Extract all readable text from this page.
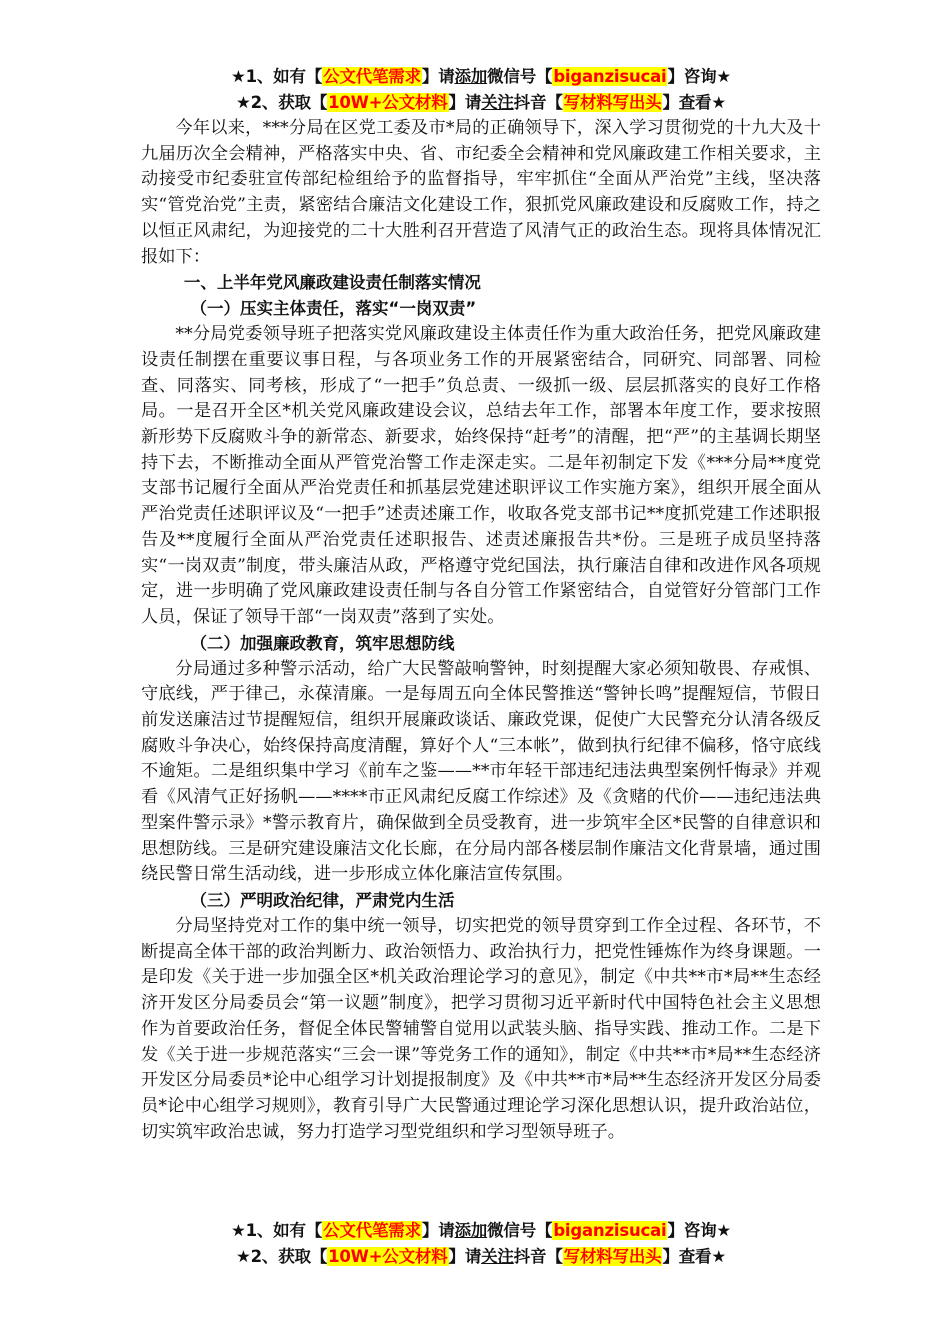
★1、如有【公文代笔需求】请添加微信号【biganzisucai】咨询★
★2、获取【10W+公文材料】请关注抖音【写材料写出头】查看★

今年以来，***分局在区党工委及市*局的正确领导下，深入学习贯彻党的十九大及十九届历次全会精神，严格落实中央、省、市纪委全会精神和党风廉政建工作相关要求，主动接受市纪委驻宣传部纪检组给予的监督指导，牢牢抓住“全面从严治党”主线，坚决落实“管党治党”主责，紧密结合廉洁文化建设工作，狠抓党风廉政建设和反腐败工作，持之以恒正风肃纪，为迎接党的二十大胜利召开营造了风清气正的政治生态。现将具体情况汇报如下：

一、上半年党风廉政建设责任制落实情况

（一）压实主体责任，落实“一岗双责”

**分局党委领导班子把落实党风廉政建设主体责任作为重大政治任务，把党风廉政建设责任制摆在重要议事日程，与各项业务工作的开展紧密结合，同研究、同部署、同检查、同落实、同考核，形成了“一把手”负总责、一级抓一级、层层抓落实的良好工作格局。一是召开全区*机关党风廉政建设会议，总结去年工作，部署本年度工作，要求按照新形势下反腐败斗争的新常态、新要求，始终保持“赶考”的清醒，把“严”的主基调长期坚持下去，不断推动全面从严管党治警工作走深走实。二是年初制定下发《***分局**度党支部书记履行全面从严治党责任和抓基层党建述职评议工作实施方案》，组织开展全面从严治党责任述职评议及“一把手”述责述廉工作，收取各党支部书记**度抓党建工作述职报告及**度履行全面从严治党责任述职报告、述责述廉报告共*份。三是班子成员坚持落实“一岗双责”制度，带头廉洁从政，严格遵守党纪国法，执行廉洁自律和改进作风各项规定，进一步明确了党风廉政建设责任制与各自分管工作紧密结合，自觉管好分管部门工作人员，保证了领导干部“一岗双责”落到了实处。

（二）加强廉政教育，筑牢思想防线

分局通过多种警示活动，给广大民警敲响警钟，时刻提醒大家必须知敬畏、存戒惧、守底线，严于律己，永葆清廉。一是每周五向全体民警推送“警钟长鸣”提醒短信，节假日前发送廉洁过节提醒短信，组织开展廉政谈话、廉政党课，促使广大民警充分认清各级反腐败斗争决心，始终保持高度清醒，算好个人“三本帐”，做到执行纪律不偏移，恪守底线不逾矩。二是组织集中学习《前车之鉴——**市年轻干部违纪违法典型案例忏悔录》并观看《风清气正好扬帆——****市正风肃纪反腐工作综述》及《贪赌的代价——违纪违法典型案件警示录》*警示教育片，确保做到全员受教育，进一步筑牢全区*民警的自律意识和思想防线。三是研究建设廉洁文化长廊，在分局内部各楼层制作廉洁文化背景墙，通过围绕民警日常生活动线，进一步形成立体化廉洁宣传氛围。

（三）严明政治纪律，严肃党内生活

分局坚持党对工作的集中统一领导，切实把党的领导贯穿到工作全过程、各环节，不断提高全体干部的政治判断力、政治领悟力、政治执行力，把党性锤炼作为终身课题。一是印发《关于进一步加强全区*机关政治理论学习的意见》，制定《中共**市*局**生态经济开发区分局委员会“第一议题”制度》，把学习贯彻习近平新时代中国特色社会主义思想作为首要政治任务，督促全体民警辅警自觉用以武装头脑、指导实践、推动工作。二是下发《关于进一步规范落实“三会一课”等党务工作的通知》，制定《中共**市*局**生态经济开发区分局委员*论中心组学习计划提报制度》及《中共**市*局**生态经济开发区分局委员*论中心组学习规则》，教育引导广大民警通过理论学习深化思想认识，提升政治站位，切实筑牢政治忠诚，努力打造学习型党组织和学习型领导班子。

★1、如有【公文代笔需求】请添加微信号【biganzisucai】咨询★
★2、获取【10W+公文材料】请关注抖音【写材料写出头】查看★
